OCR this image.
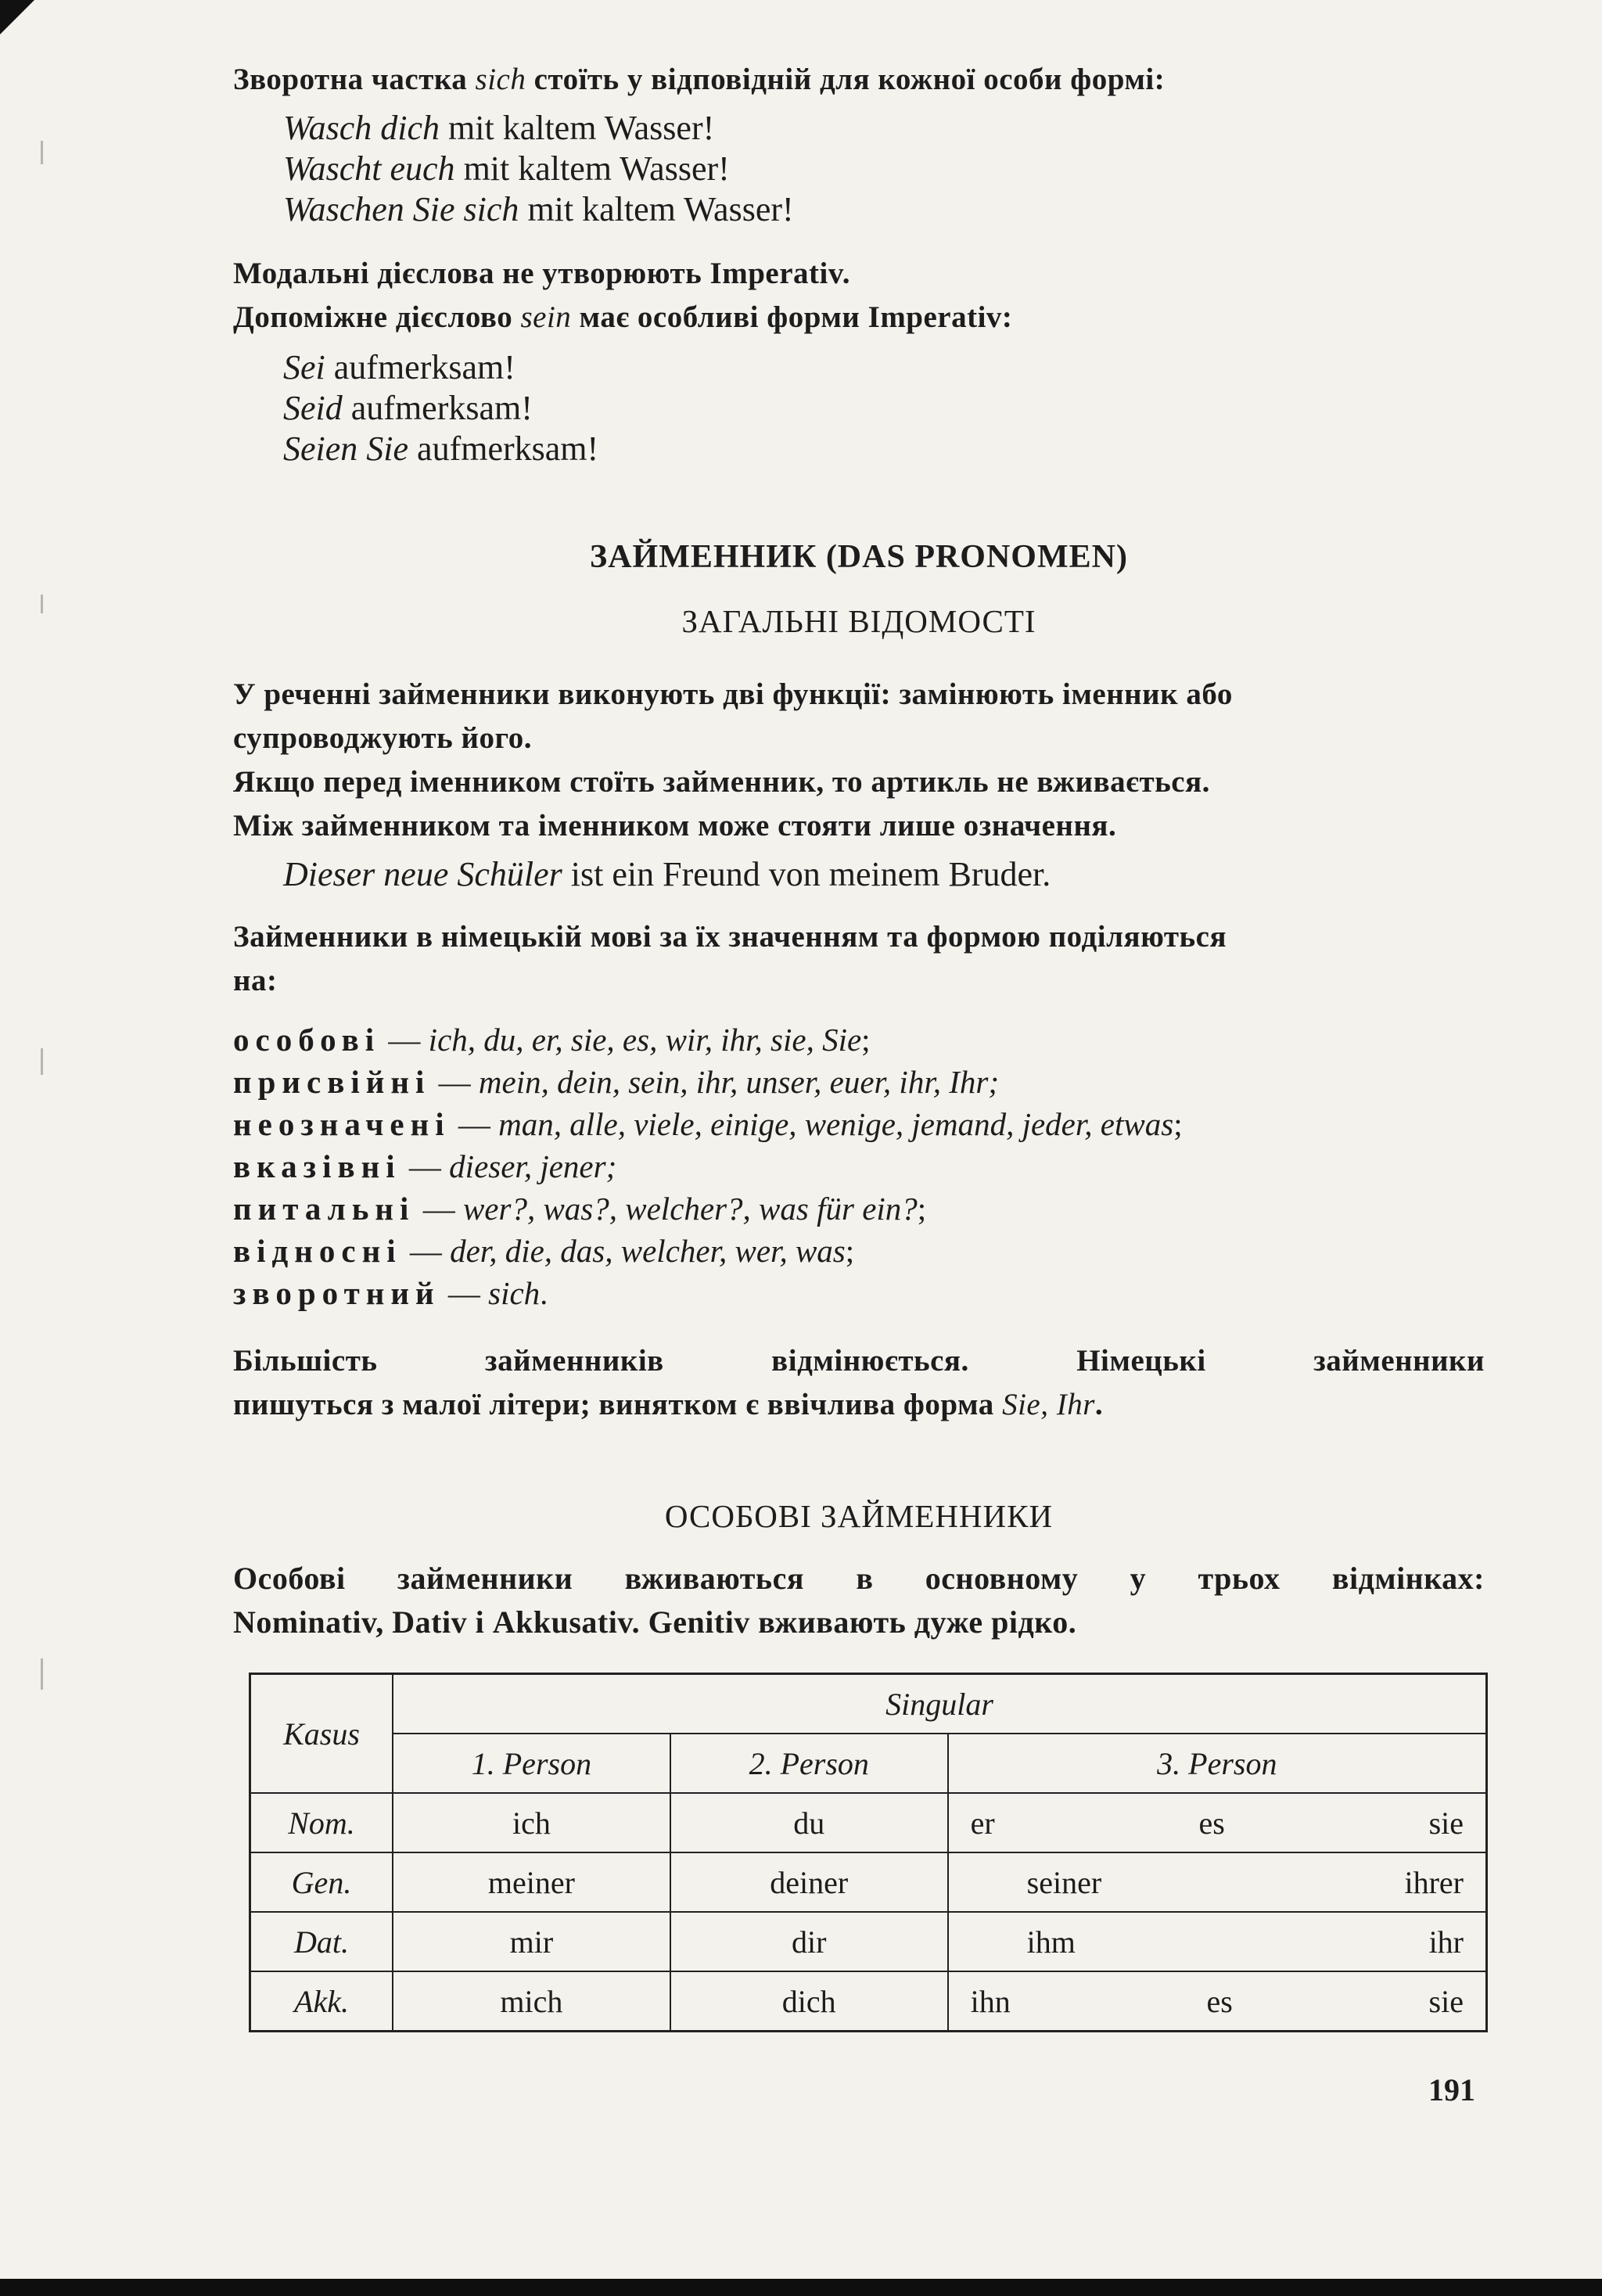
Зворотна частка sich стоїть у відповідній для кожної особи формі:

Wasch dich mit kaltem Wasser!

Wascht euch mit kaltem Wasser!

Waschen Sie sich mit kaltem Wasser!

Модальні дієслова не утворюють Imperativ.

Допоміжне дієслово sein має особливі форми Imperativ:

Sei aufmerksam!

Seid aufmerksam!

Seien Sie aufmerksam!

ЗАЙМЕННИК (DAS PRONOMEN)
ЗАГАЛЬНІ ВІДОМОСТІ

У реченні займенники виконують дві функції: замінюють іменник або

супроводжують його.

Якщо перед іменником стоїть займенник, то артикль не вживається.

Між займенником та іменником може стояти лише означення.

Dieser neue Schüler ist ein Freund von meinem Bruder.

Займенники в німецькій мові за їх значенням та формою поділяються

на:

особові — ich, du, er, sie, es, wir, ihr, sie, Sie;

присвійні — mein, dein, sein, ihr, unser, euer, ihr, Ihr;

неозначені — man, alle, viele, einige, wenige, jemand, jeder, etwas;

вказівні — dieser, jener;

питальні — wer?, was?, welcher?, was für ein?;

відносні — der, die, das, welcher, wer, was;

зворотний — sich.

Більшість займенників відмінюється. Німецькі займенники

пишуться з малої літери; винятком є ввічлива форма Sie, Ihr.

ОСОБОВІ ЗАЙМЕННИКИ

Особові займенники вживаються в основному у трьох відмінках:

Nominativ, Dativ і Akkusativ. Genitiv вживають дуже рідко.

Kasus	Singular		
	1. Person	2. Person	3. Person
Nom.	ich	du	er es sie

Gen.	meiner	deiner	seiner ihrer

Dat.	mir	dir	ihm ihr

Akk.	mich	dich	ihn es sie
191
